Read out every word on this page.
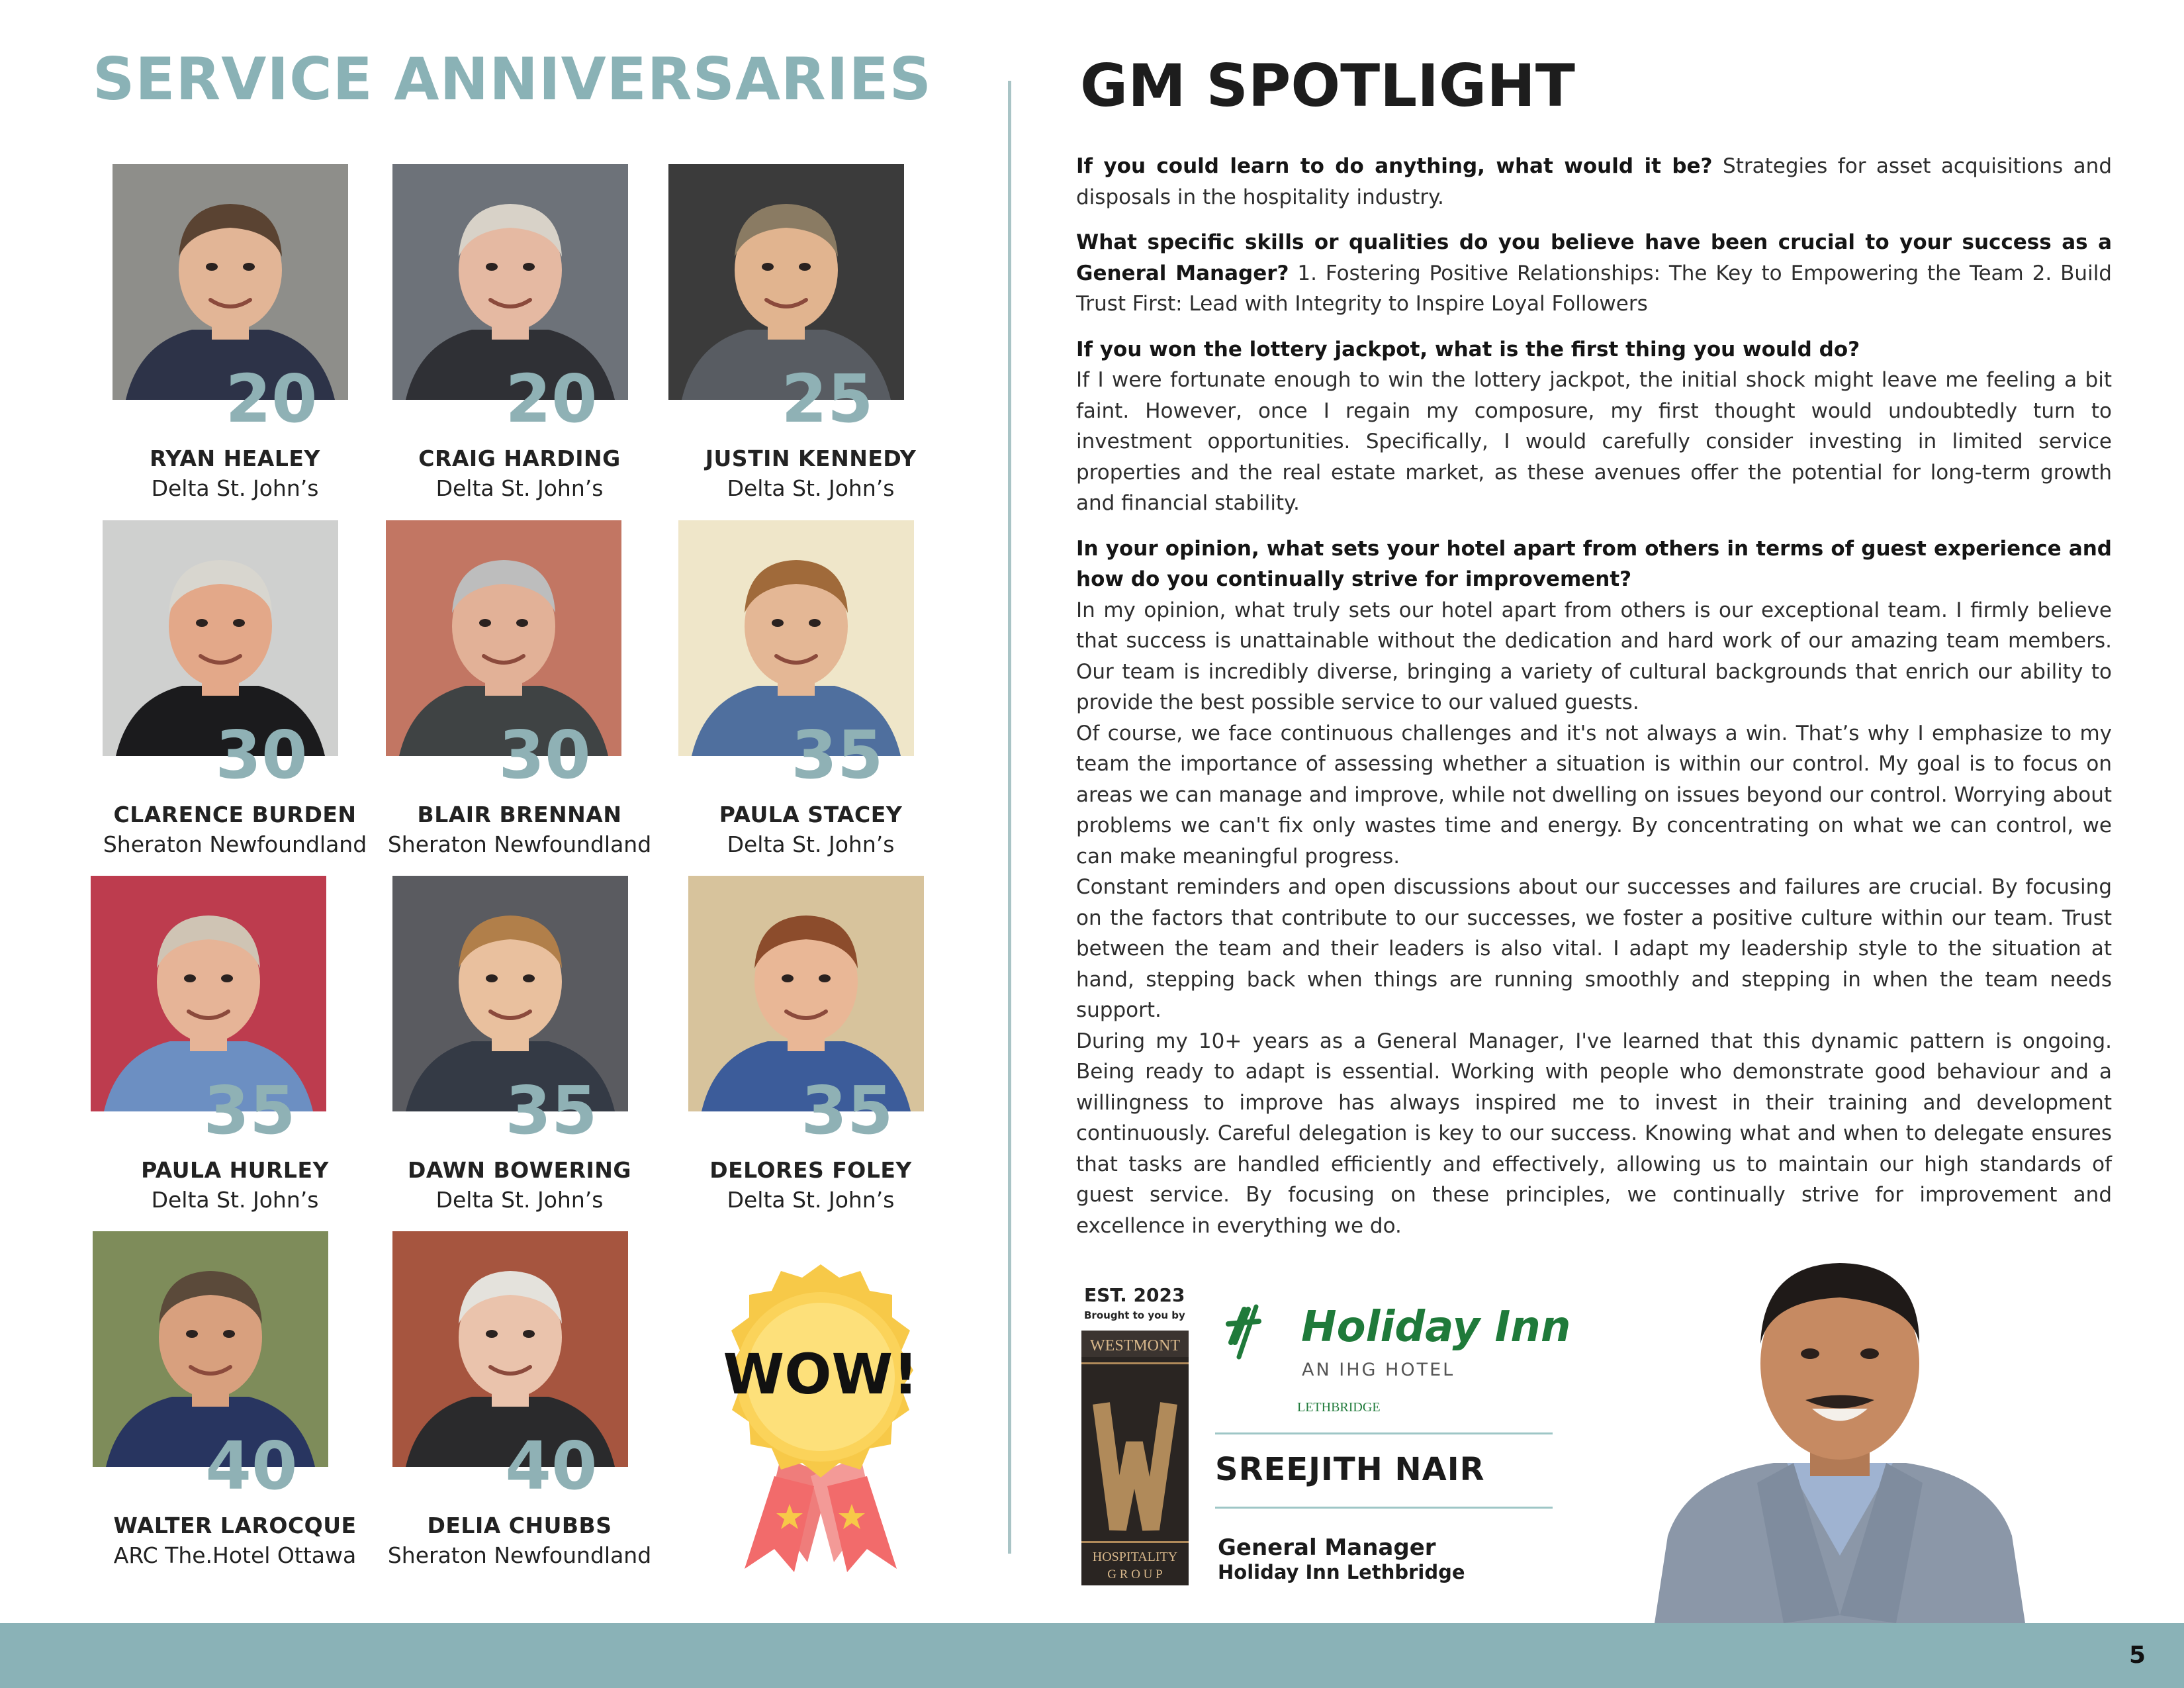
SERVICE ANNIVERSARIES
20
RYAN HEALEY
Delta St. John’s
20
CRAIG HARDING
Delta St. John’s
25
JUSTIN KENNEDY
Delta St. John’s
30
CLARENCE BURDEN
Sheraton Newfoundland
30
BLAIR BRENNAN
Sheraton Newfoundland
35
PAULA STACEY
Delta St. John’s
35
PAULA HURLEY
Delta St. John’s
35
DAWN BOWERING
Delta St. John’s
35
DELORES FOLEY
Delta St. John’s
40
WALTER LAROCQUE
ARC The.Hotel Ottawa
40
DELIA CHUBBS
Sheraton Newfoundland
WOW!
GM SPOTLIGHT

If you could learn to do anything, what would it be? Strategies for asset acquisitions and disposals in the hospitality industry.

What specific skills or qualities do you believe have been crucial to your success as a General Manager? 1. Fostering Positive Relationships: The Key to Empowering the Team 2. Build Trust First: Lead with Integrity to Inspire Loyal Followers

If you won the lottery jackpot, what is the first thing you would do?
If I were fortunate enough to win the lottery jackpot, the initial shock might leave me feeling a bit faint. However, once I regain my composure, my first thought would undoubtedly turn to investment opportunities. Specifically, I would carefully consider investing in limited service properties and the real estate market, as these avenues offer the potential for long-term growth and financial stability.

In your opinion, what sets your hotel apart from others in terms of guest experience and how do you continually strive for improvement?
In my opinion, what truly sets our hotel apart from others is our exceptional team. I firmly believe that success is unattainable without the dedication and hard work of our amazing team members. Our team is incredibly diverse, bringing a variety of cultural backgrounds that enrich our ability to provide the best possible service to our valued guests.

Of course, we face continuous challenges and it's not always a win. That’s why I emphasize to my team the importance of assessing whether a situation is within our control. My goal is to focus on areas we can manage and improve, while not dwelling on issues beyond our control. Worrying about problems we can't fix only wastes time and energy. By concentrating on what we can control, we can make meaningful progress.

Constant reminders and open discussions about our successes and failures are crucial. By focusing on the factors that contribute to our successes, we foster a positive culture within our team. Trust between the team and their leaders is also vital. I adapt my leadership style to the situation at hand, stepping back when things are running smoothly and stepping in when the team needs support.

During my 10+ years as a General Manager, I've learned that this dynamic pattern is ongoing. Being ready to adapt is essential. Working with people who demonstrate good behaviour and a willingness to improve has always inspired me to invest in their training and development continuously. Careful delegation is key to our success. Knowing what and when to delegate ensures that tasks are handled efficiently and effectively, allowing us to maintain our high standards of guest service. By focusing on these principles, we continually strive for improvement and excellence in everything we do.

EST. 2023
Brought to you by
WESTMONT
HOSPITALITY
G R O U P
Holiday Inn
AN IHG HOTEL
LETHBRIDGE
SREEJITH NAIR
General Manager
Holiday Inn Lethbridge
5
